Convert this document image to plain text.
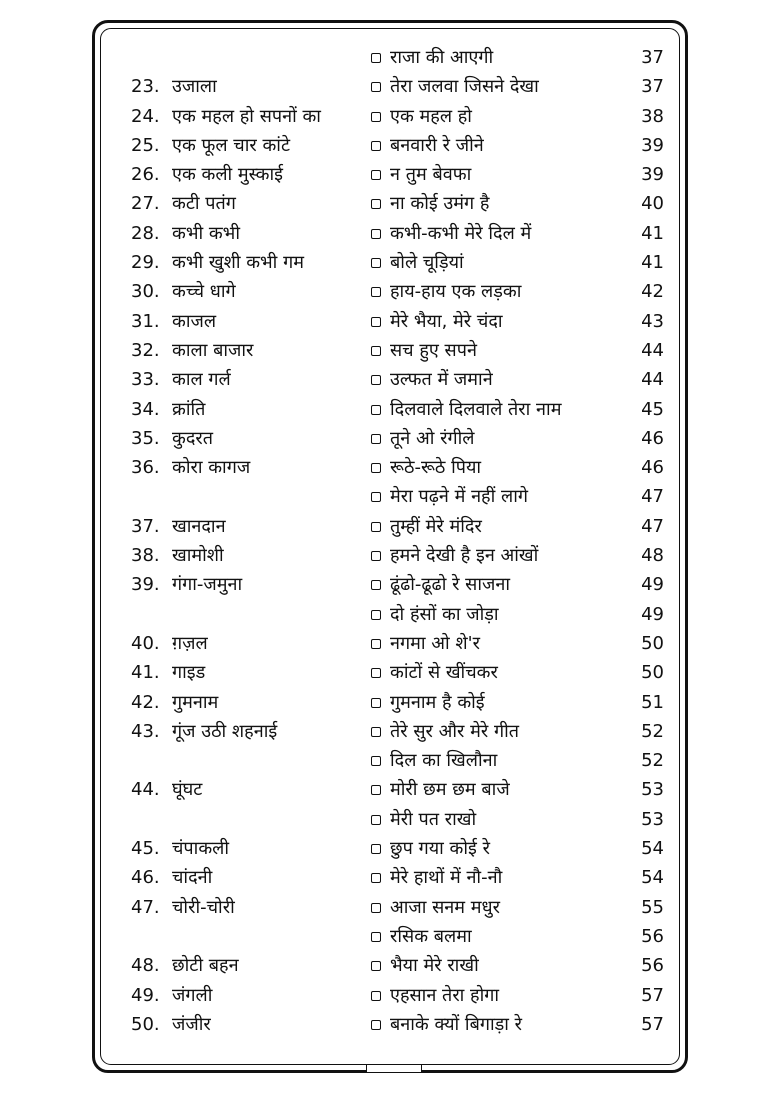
राजा की आएगी	37
23. उजाला	तेरा जलवा जिसने देखा	37
24. एक महल हो सपनों का	एक महल हो	38
25. एक फूल चार कांटे	बनवारी रे जीने	39
26. एक कली मुस्काई	न तुम बेवफा	39
27. कटी पतंग	ना कोई उमंग है	40
28. कभी कभी	कभी-कभी मेरे दिल में	41
29. कभी खुशी कभी गम	बोले चूड़ियां	41
30. कच्चे धागे	हाय-हाय एक लड़का	42
31. काजल	मेरे भैया, मेरे चंदा	43
32. काला बाजार	सच हुए सपने	44
33. काल गर्ल	उल्फत में जमाने	44
34. क्रांति	दिलवाले दिलवाले तेरा नाम	45
35. कुदरत	तूने ओ रंगीले	46
36. कोरा कागज	रूठे-रूठे पिया	46
मेरा पढ़ने में नहीं लागे	47
37. खानदान	तुम्हीं मेरे मंदिर	47
38. खामोशी	हमने देखी है इन आंखों	48
39. गंगा-जमुना	ढूंढो-ढूढो रे साजना	49
दो हंसों का जोड़ा	49
40. ग़ज़ल	नगमा ओ शे'र	50
41. गाइड	कांटों से खींचकर	50
42. गुमनाम	गुमनाम है कोई	51
43. गूंज उठी शहनाई	तेरे सुर और मेरे गीत	52
दिल का खिलौना	52
44. घूंघट	मोरी छम छम बाजे	53
मेरी पत राखो	53
45. चंपाकली	छुप गया कोई रे	54
46. चांदनी	मेरे हाथों में नौ-नौ	54
47. चोरी-चोरी	आजा सनम मधुर	55
रसिक बलमा	56
48. छोटी बहन	भैया मेरे राखी	56
49. जंगली	एहसान तेरा होगा	57
50. जंजीर	बनाके क्यों बिगाड़ा रे	57
